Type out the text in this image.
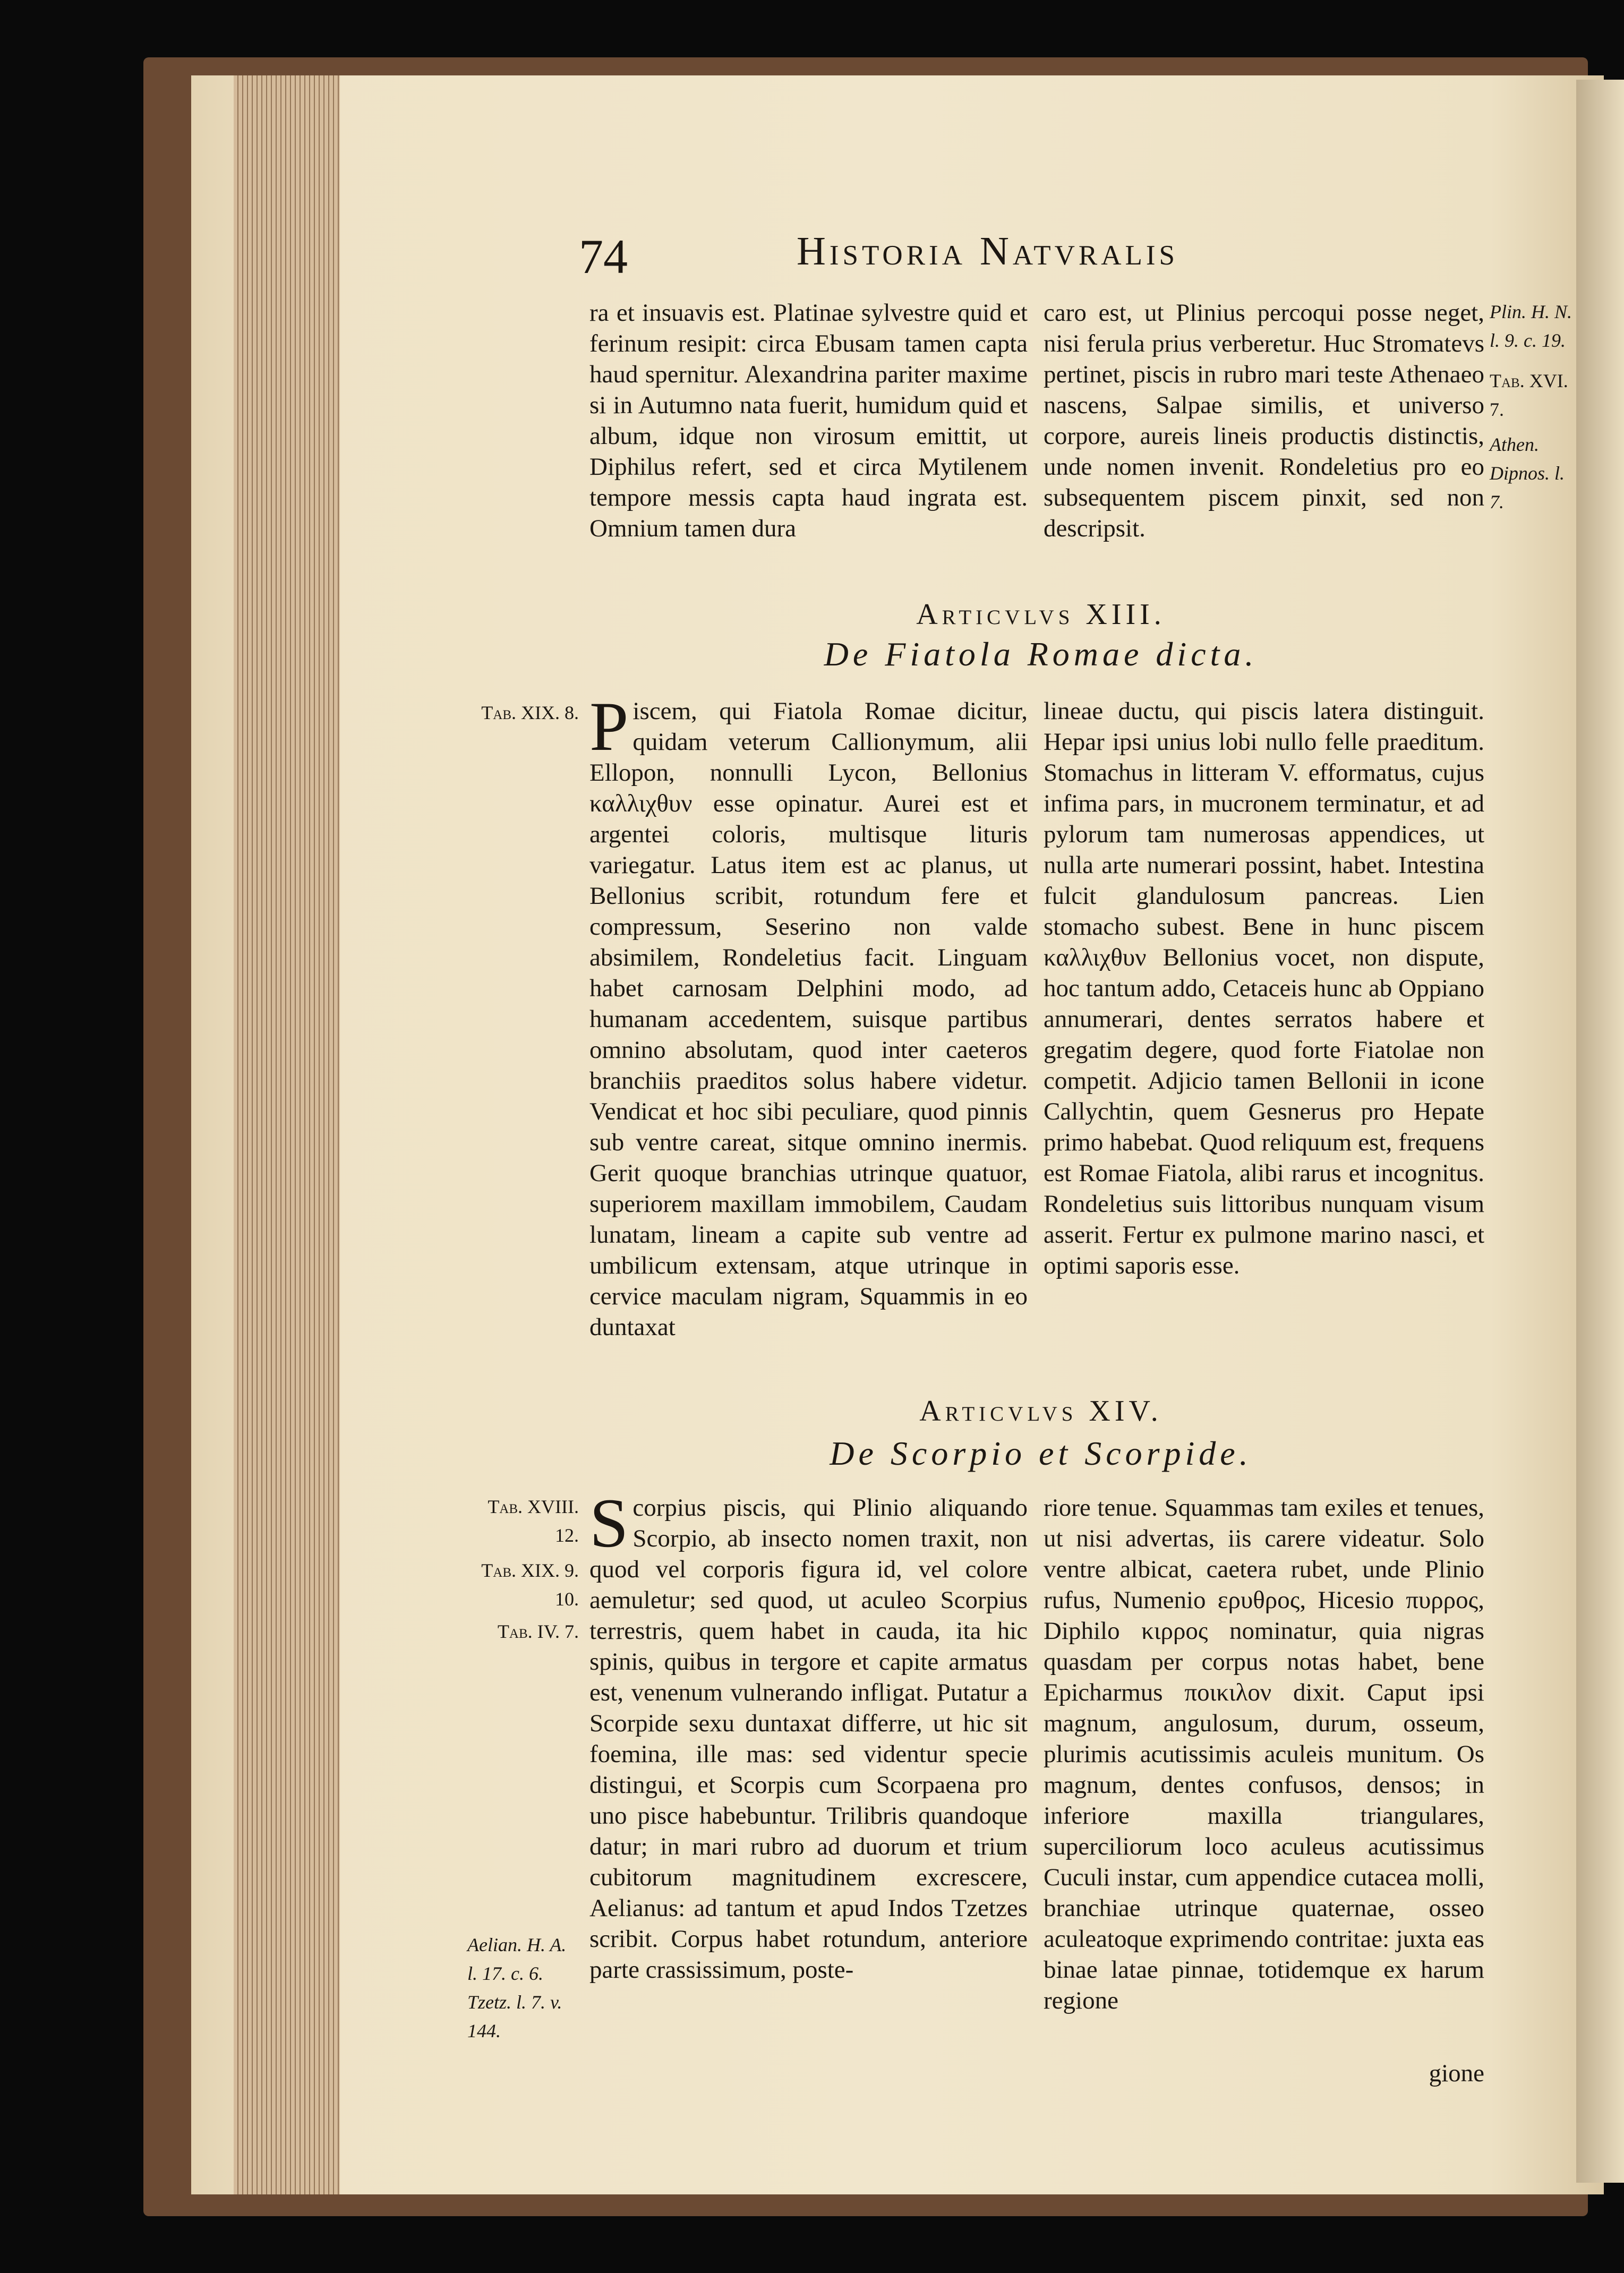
74	Historia Natvralis

ra et insuavis est. Platinae sylvestre quid et ferinum resipit: circa Ebusam tamen capta haud spernitur. Alexandrina pariter maxime si in Autumno nata fuerit, humidum quid et album, idque non virosum emittit, ut Diphilus refert, sed et circa Mytilenem tempore messis capta haud ingrata est. Omnium tamen dura

caro est, ut Plinius percoqui posse neget, nisi ferula prius verberetur. Huc Stromatevs pertinet, piscis in rubro mari teste Athenaeo nascens, Salpae similis, et universo corpore, aureis lineis productis distinctis, unde nomen invenit. Rondeletius pro eo subsequentem piscem pinxit, sed non descripsit.

Plin. H. N. l. 9. c. 19.
Tab. XVI. 7.
Athen. Dipnos. l. 7.
Articvlvs XIII.
De Fiatola Romae dicta.
Tab. XIX. 8. Piscem, qui Fiatola Romae dicitur, quidam veterum Callionymum, alii Ellopon, nonnulli Lycon, Bellonius καλλιχθυν esse opinatur. Aurei est et argentei coloris, multisque lituris variegatur. Latus item est ac planus, ut Bellonius scribit, rotundum fere et compressum, Seserino non valde absimilem, Rondeletius facit. Linguam habet carnosam Delphini modo, ad humanam accedentem, suisque partibus omnino absolutam, quod inter caeteros branchiis praeditos solus habere videtur. Vendicat et hoc sibi peculiare, quod pinnis sub ventre careat, sitque omnino inermis. Gerit quoque branchias utrinque quatuor, superiorem maxillam immobilem, Caudam lunatam, lineam a capite sub ventre ad umbilicum extensam, atque utrinque in cervice maculam nigram, Squammis in eo duntaxat

lineae ductu, qui piscis latera distinguit. Hepar ipsi unius lobi nullo felle praeditum. Stomachus in litteram V. efformatus, cujus infima pars, in mucronem terminatur, et ad pylorum tam numerosas appendices, ut nulla arte numerari possint, habet. Intestina fulcit glandulosum pancreas. Lien stomacho subest. Bene in hunc piscem καλλιχθυν Bellonius vocet, non dispute, hoc tantum addo, Cetaceis hunc ab Oppiano annumerari, dentes serratos habere et gregatim degere, quod forte Fiatolae non competit. Adjicio tamen Bellonii in icone Callychtin, quem Gesnerus pro Hepate primo habebat. Quod reliquum est, frequens est Romae Fiatola, alibi rarus et incognitus. Rondeletius suis littoribus nunquam visum asserit. Fertur ex pulmone marino nasci, et optimi saporis esse.

Articvlvs XIV.
De Scorpio et Scorpide.
Tab. XVIII. 12.
Tab. XIX. 9. 10.
Tab. IV. 7.
Aelian. H. A. l. 17. c. 6. Tzetz. l. 7. v. 144.

Scorpius piscis, qui Plinio aliquando Scorpio, ab insecto nomen traxit, non quod vel corporis figura id, vel colore aemuletur; sed quod, ut aculeo Scorpius terrestris, quem habet in cauda, ita hic spinis, quibus in tergore et capite armatus est, venenum vulnerando infligat. Putatur a Scorpide sexu duntaxat differre, ut hic sit foemina, ille mas: sed videntur specie distingui, et Scorpis cum Scorpaena pro uno pisce habebuntur. Trilibris quandoque datur; in mari rubro ad duorum et trium cubitorum magnitudinem excrescere, Aelianus: ad tantum et apud Indos Tzetzes scribit. Corpus habet rotundum, anteriore parte crassissimum, poste-

riore tenue. Squammas tam exiles et tenues, ut nisi advertas, iis carere videatur. Solo ventre albicat, caetera rubet, unde Plinio rufus, Numenio ερυθρος, Hicesio πυρρος, Diphilo κιρρος nominatur, quia nigras quasdam per corpus notas habet, bene Epicharmus ποικιλον dixit. Caput ipsi magnum, angulosum, durum, osseum, plurimis acutissimis aculeis munitum. Os magnum, dentes confusos, densos; in inferiore maxilla triangulares, superciliorum loco aculeus acutissimus Cuculi instar, cum appendice cutacea molli, branchiae utrinque quaternae, osseo aculeatoque exprimendo contritae: juxta eas binae latae pinnae, totidemque ex harum regione

gione
